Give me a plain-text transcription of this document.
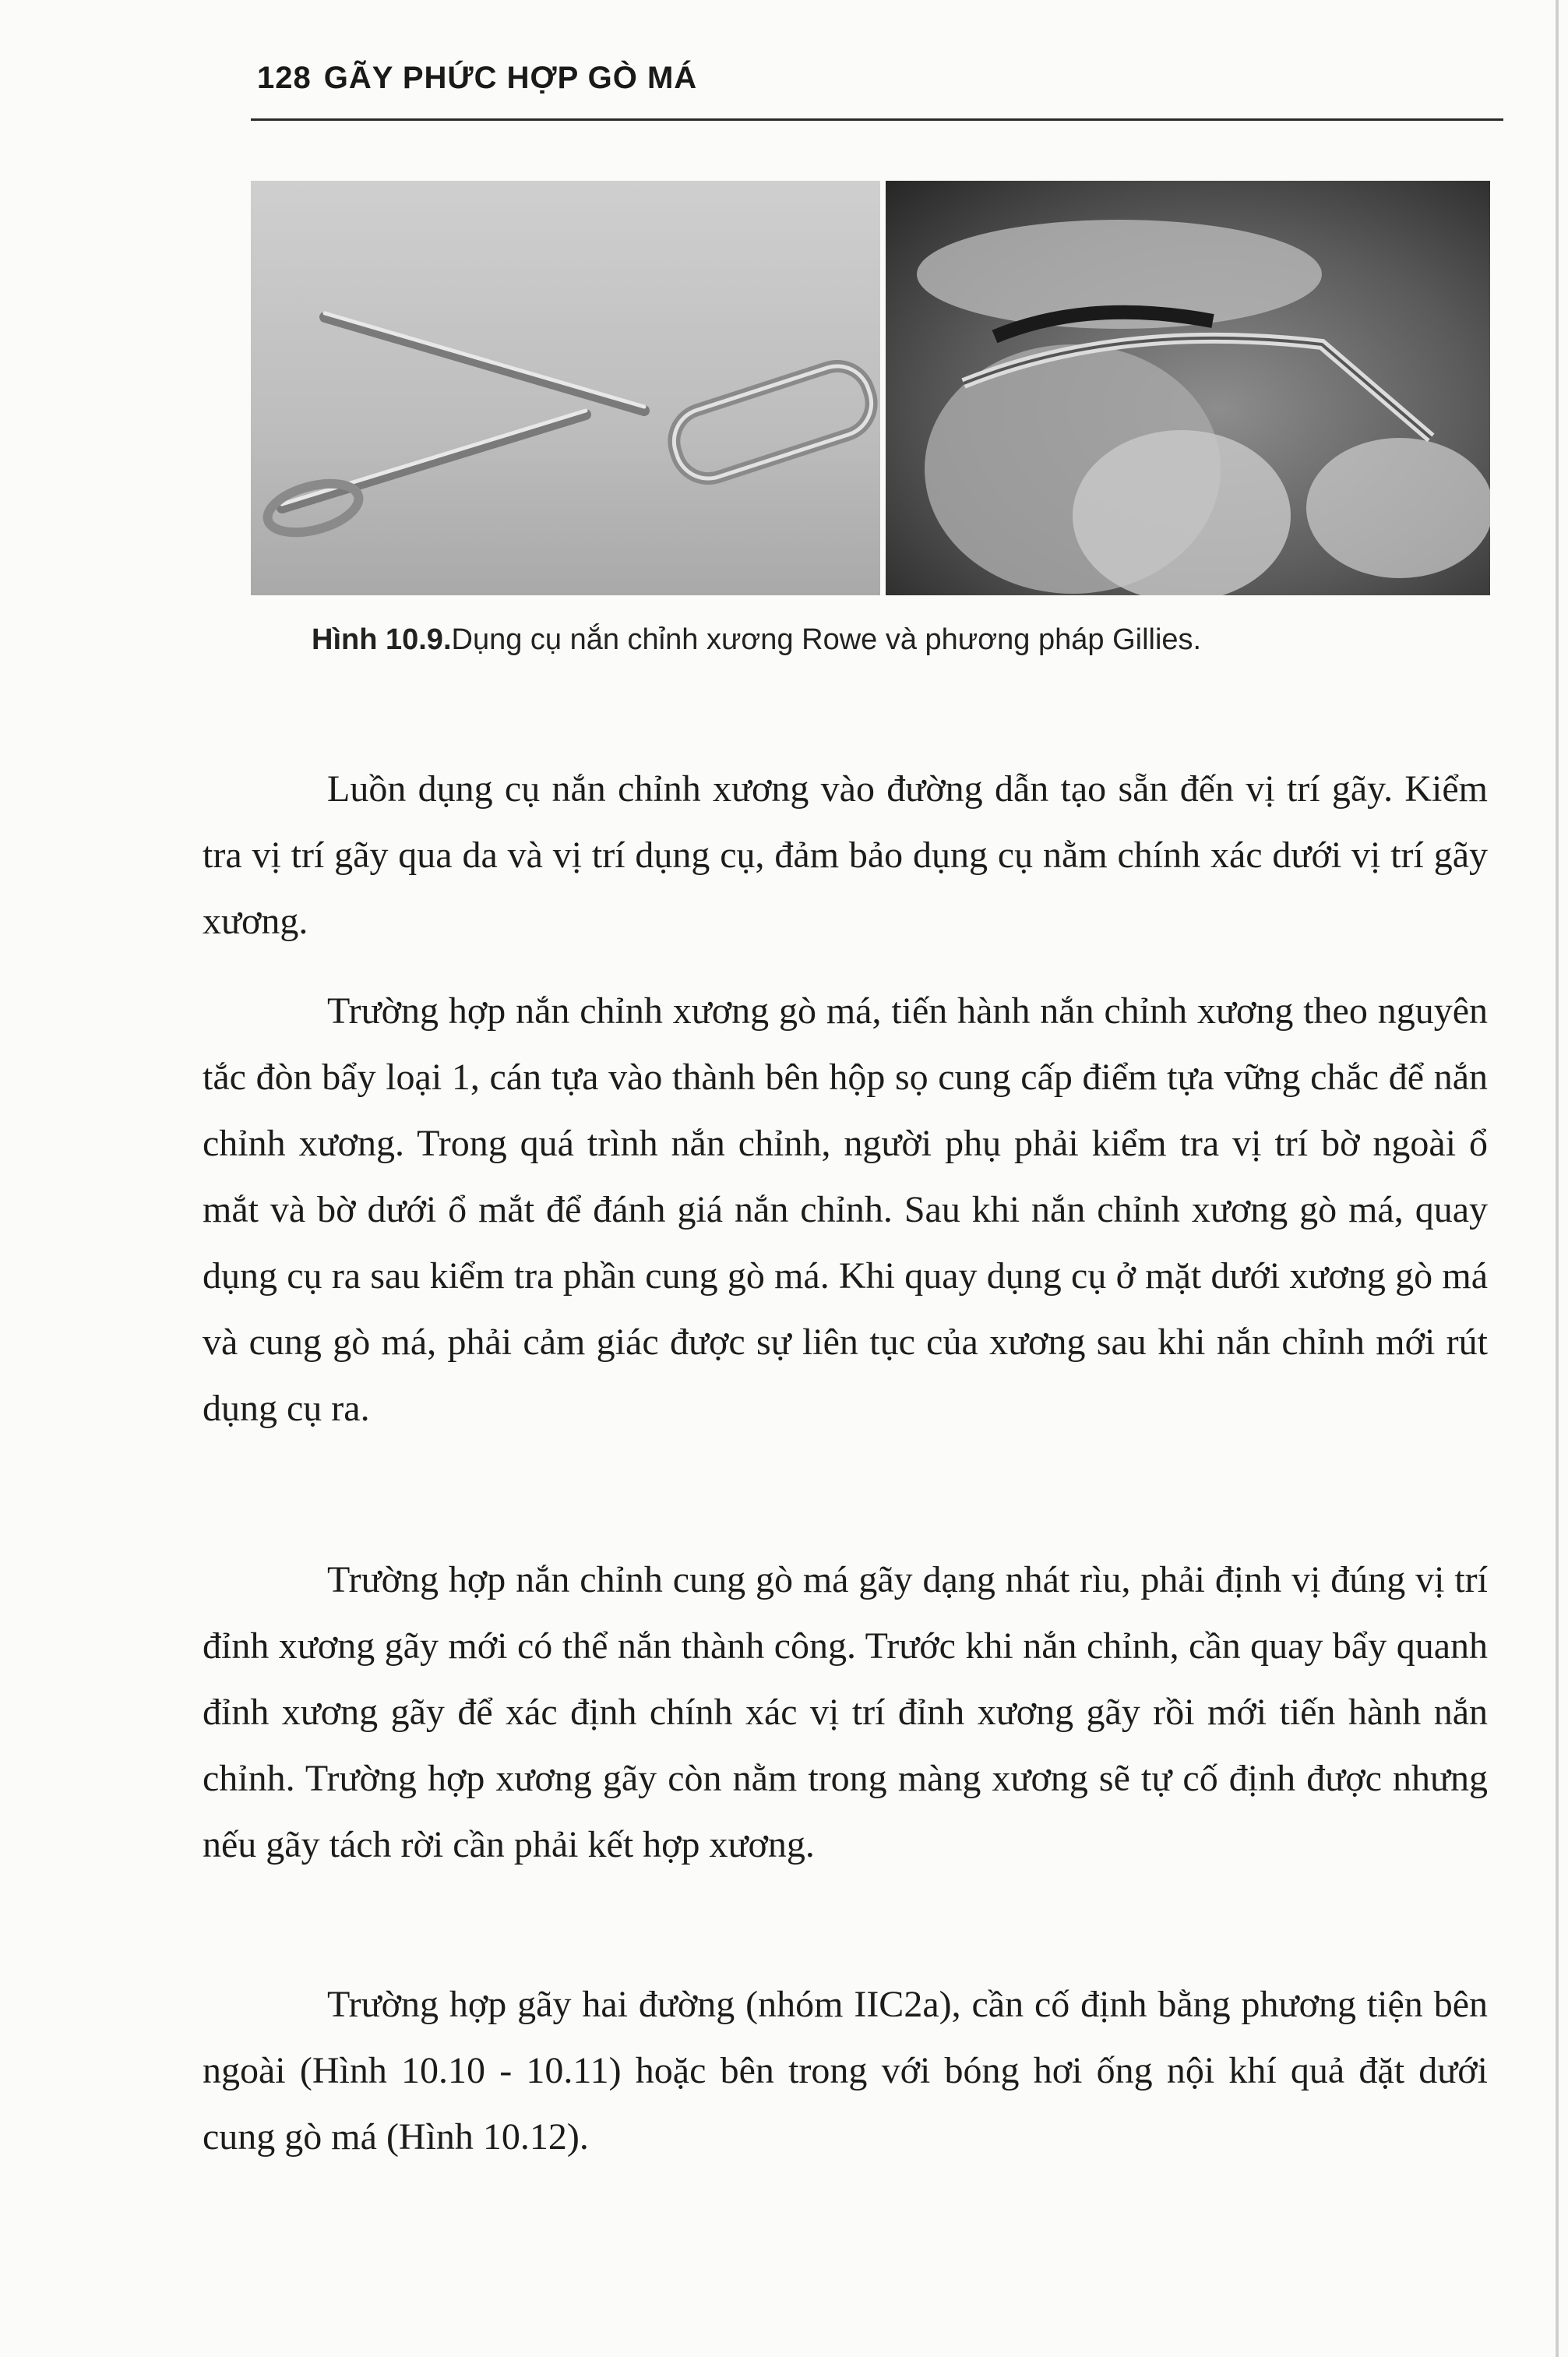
128 GÃY PHỨC HỢP GÒ MÁ
Hình 10.9.Dụng cụ nắn chỉnh xương Rowe và phương pháp Gillies.

Luồn dụng cụ nắn chỉnh xương vào đường dẫn tạo sẵn đến vị trí gãy. Kiểm tra vị trí gãy qua da và vị trí dụng cụ, đảm bảo dụng cụ nằm chính xác dưới vị trí gãy xương.

Trường hợp nắn chỉnh xương gò má, tiến hành nắn chỉnh xương theo nguyên tắc đòn bẩy loại 1, cán tựa vào thành bên hộp sọ cung cấp điểm tựa vững chắc để nắn chỉnh xương. Trong quá trình nắn chỉnh, người phụ phải kiểm tra vị trí bờ ngoài ổ mắt và bờ dưới ổ mắt để đánh giá nắn chỉnh. Sau khi nắn chỉnh xương gò má, quay dụng cụ ra sau kiểm tra phần cung gò má. Khi quay dụng cụ ở mặt dưới xương gò má và cung gò má, phải cảm giác được sự liên tục của xương sau khi nắn chỉnh mới rút dụng cụ ra.

Trường hợp nắn chỉnh cung gò má gãy dạng nhát rìu, phải định vị đúng vị trí đỉnh xương gãy mới có thể nắn thành công. Trước khi nắn chỉnh, cần quay bẩy quanh đỉnh xương gãy để xác định chính xác vị trí đỉnh xương gãy rồi mới tiến hành nắn chỉnh. Trường hợp xương gãy còn nằm trong màng xương sẽ tự cố định được nhưng nếu gãy tách rời cần phải kết hợp xương.

Trường hợp gãy hai đường (nhóm IIC2a), cần cố định bằng phương tiện bên ngoài (Hình 10.10 - 10.11) hoặc bên trong với bóng hơi ống nội khí quả đặt dưới cung gò má (Hình 10.12).
